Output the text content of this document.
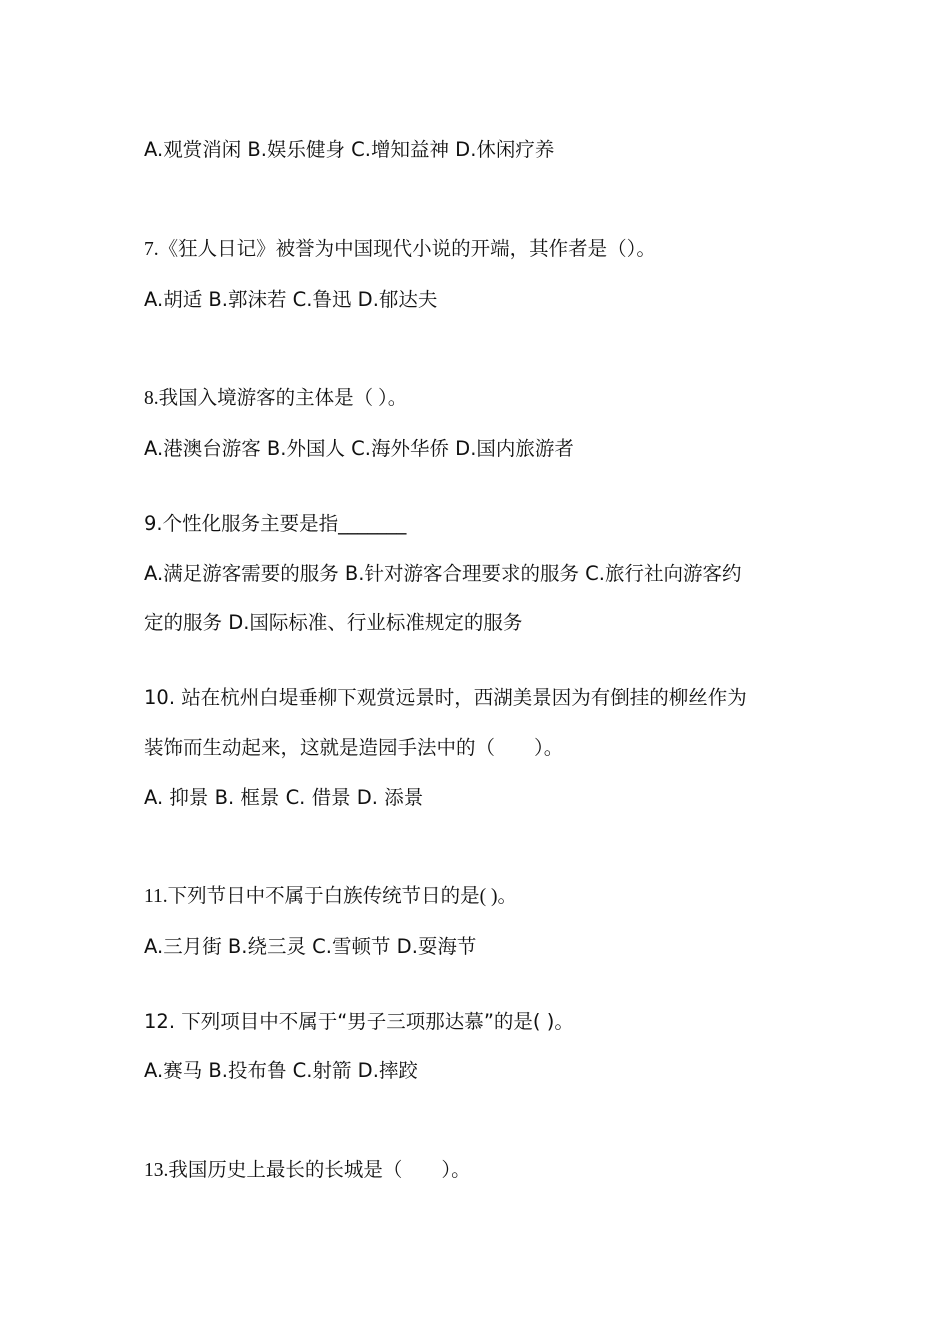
A.观赏消闲 B.娱乐健身 C.增知益神 D.休闲疗养
7.《狂人日记》被誉为中国现代小说的开端，其作者是（）。
A.胡适 B.郭沫若 C.鲁迅 D.郁达夫
8.我国入境游客的主体是（ ）。
A.港澳台游客 B.外国人 C.海外华侨 D.国内旅游者
9.个性化服务主要是指_______
A.满足游客需要的服务 B.针对游客合理要求的服务 C.旅行社向游客约
定的服务 D.国际标准、行业标准规定的服务
10. 站在杭州白堤垂柳下观赏远景时，西湖美景因为有倒挂的柳丝作为
装饰而生动起来，这就是造园手法中的（　　）。
A. 抑景 B. 框景 C. 借景 D. 添景
11.下列节日中不属于白族传统节日的是( )。
A.三月街 B.绕三灵 C.雪顿节 D.耍海节
12. 下列项目中不属于“男子三项那达慕”的是( )。
A.赛马 B.投布鲁 C.射箭 D.摔跤
13.我国历史上最长的长城是（　　）。
